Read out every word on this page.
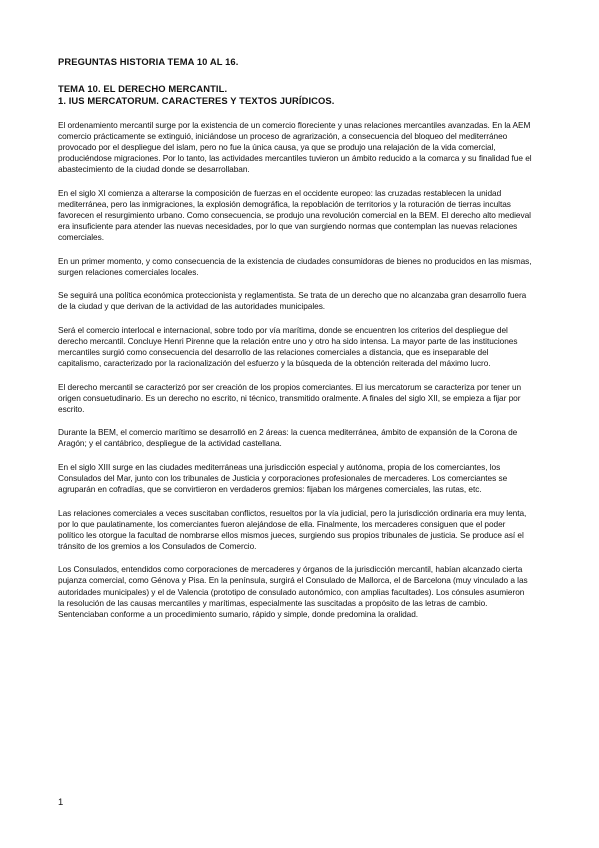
PREGUNTAS HISTORIA TEMA 10 AL 16.

TEMA 10. EL DERECHO MERCANTIL.

1. IUS MERCATORUM. CARACTERES Y TEXTOS JURÍDICOS.

El ordenamiento mercantil surge por la existencia de un comercio floreciente y unas relaciones mercantiles avanzadas. En la AEM comercio prácticamente se extinguió, iniciándose un proceso de agrarización, a consecuencia del bloqueo del mediterráneo provocado por el despliegue del islam, pero no fue la única causa, ya que se produjo una relajación de la vida comercial, produciéndose migraciones. Por lo tanto, las actividades mercantiles tuvieron un ámbito reducido a la comarca y su finalidad fue el abastecimiento de la ciudad donde se desarrollaban.

En el siglo XI comienza a alterarse la composición de fuerzas en el occidente europeo: las cruzadas restablecen la unidad mediterránea, pero las inmigraciones, la explosión demográfica, la repoblación de territorios y la roturación de tierras incultas favorecen el resurgimiento urbano. Como consecuencia, se produjo una revolución comercial en la BEM. El derecho alto medieval era insuficiente para atender las nuevas necesidades, por lo que van surgiendo normas que contemplan las nuevas relaciones comerciales.

En un primer momento, y como consecuencia de la existencia de ciudades consumidoras de bienes no producidos en las mismas, surgen relaciones comerciales locales.

Se seguirá una política económica proteccionista y reglamentista. Se trata de un derecho que no alcanzaba gran desarrollo fuera de la ciudad y que derivan de la actividad de las autoridades municipales.

Será el comercio interlocal e internacional, sobre todo por vía marítima, donde se encuentren los criterios del despliegue del derecho mercantil. Concluye Henri Pirenne que la relación entre uno y otro ha sido intensa. La mayor parte de las instituciones mercantiles surgió como consecuencia del desarrollo de las relaciones comerciales a distancia, que es inseparable del capitalismo, caracterizado por la racionalización del esfuerzo y la búsqueda de la obtención reiterada del máximo lucro.

El derecho mercantil se caracterizó por ser creación de los propios comerciantes. El ius mercatorum se caracteriza por tener un origen consuetudinario. Es un derecho no escrito, ni técnico, transmitido oralmente. A finales del siglo XII, se empieza a fijar por escrito.

Durante la BEM, el comercio marítimo se desarrolló en 2 áreas: la cuenca mediterránea, ámbito de expansión de la Corona de Aragón; y el cantábrico, despliegue de la actividad castellana.

En el siglo XIII surge en las ciudades mediterráneas una jurisdicción especial y autónoma, propia de los comerciantes, los Consulados del Mar, junto con los tribunales de Justicia y corporaciones profesionales de mercaderes. Los comerciantes se agruparán en cofradías, que se convirtieron en verdaderos gremios: fijaban los márgenes comerciales, las rutas, etc.

Las relaciones comerciales a veces suscitaban conflictos, resueltos por la vía judicial, pero la jurisdicción ordinaria era muy lenta, por lo que paulatinamente, los comerciantes fueron alejándose de ella. Finalmente, los mercaderes consiguen que el poder político les otorgue la facultad de nombrarse ellos mismos jueces, surgiendo sus propios tribunales de justicia. Se produce así el tránsito de los gremios a los Consulados de Comercio.

Los Consulados, entendidos como corporaciones de mercaderes y órganos de la jurisdicción mercantil, habían alcanzado cierta pujanza comercial, como Génova y Pisa. En la península, surgirá el Consulado de Mallorca, el de Barcelona (muy vinculado a las autoridades municipales) y el de Valencia (prototipo de consulado autonómico, con amplias facultades). Los cónsules asumieron la resolución de las causas mercantiles y marítimas, especialmente las suscitadas a propósito de las letras de cambio. Sentenciaban conforme a un procedimiento sumario, rápido y simple, donde predomina la oralidad.

1
